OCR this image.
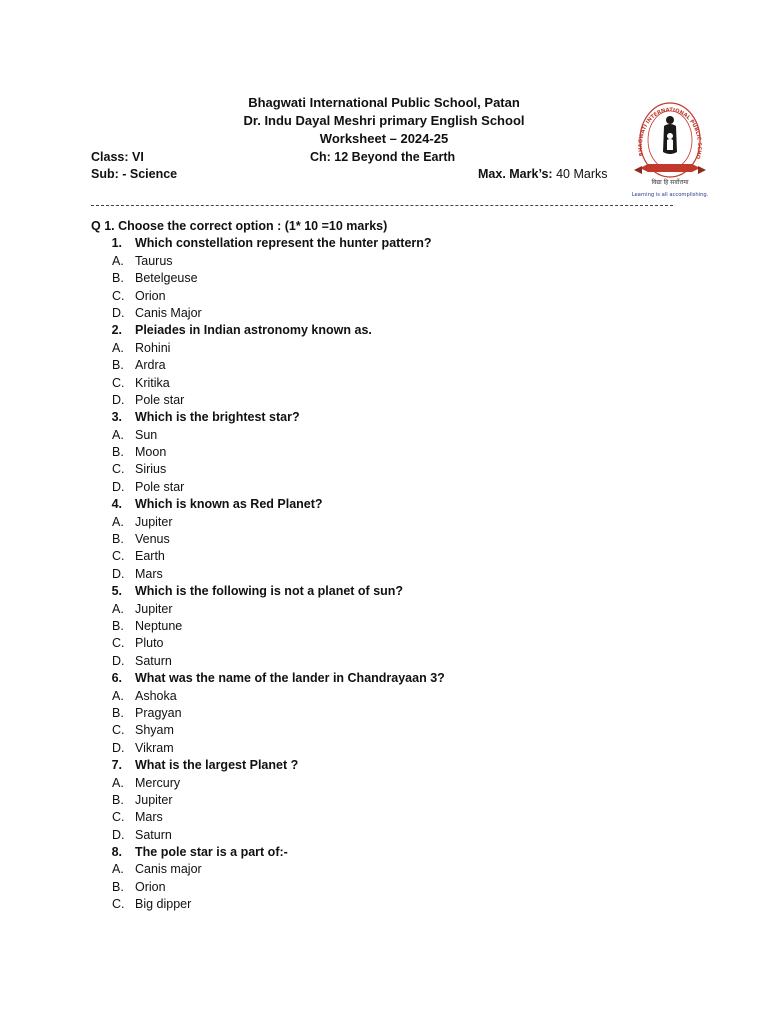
Bhagwati International Public School, Patan
Dr. Indu Dayal Meshri primary English School
Worksheet – 2024-25
BHAGWATI INTERNATIONAL PUBLIC SCHO
विद्या हि सर्वोत्तमा
Learning is all accomplishing.
Class: VI	Ch: 12 Beyond the Earth
Sub: - Science	Max. Mark’s: 40 Marks
Q 1. Choose the correct option : (1* 10 =10 marks)
1. Which constellation represent the hunter pattern?
A. Taurus
B. Betelgeuse
C. Orion
D. Canis Major
2. Pleiades in Indian astronomy known as.
A. Rohini
B. Ardra
C. Kritika
D. Pole star
3. Which is the brightest star?
A. Sun
B. Moon
C. Sirius
D. Pole star
4. Which is known as Red Planet?
A. Jupiter
B. Venus
C. Earth
D. Mars
5. Which is the following is not a planet of sun?
A. Jupiter
B. Neptune
C. Pluto
D. Saturn
6. What was the name of the lander in Chandrayaan 3?
A. Ashoka
B. Pragyan
C. Shyam
D. Vikram
7. What is the largest Planet ?
A. Mercury
B. Jupiter
C. Mars
D. Saturn
8. The pole star is a part of:-
A. Canis major
B. Orion
C. Big dipper
